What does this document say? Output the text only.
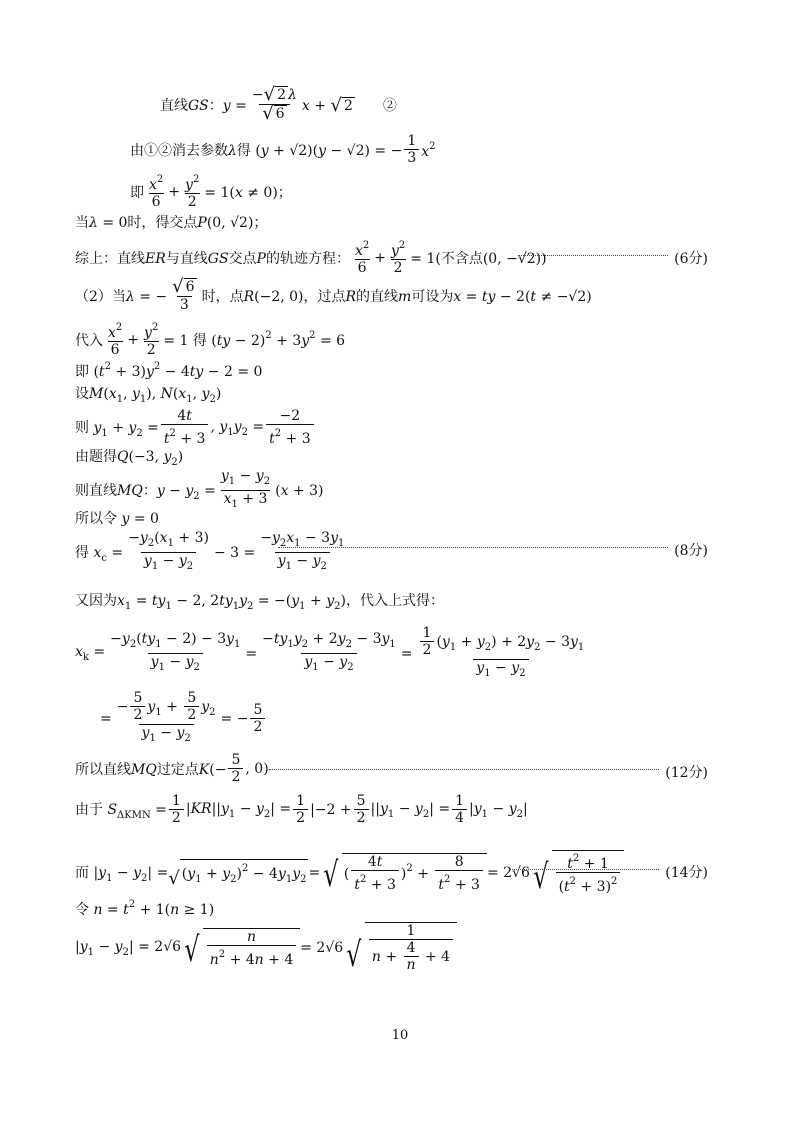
直线GS：$y = \frac{- √ 2 \lambda}{√ 6}$ x + √ 2 　　②
由①②消去参数λ得 (y + √2)(y − √2) = − $\frac{1}{3} x^2$
即 $\frac{x^2}{6} + \frac{y^2}{2} = 1(x \ne 0)$；
当λ = 0时，得交点P(0, √2)；
综上：直线ER与直线GS交点P的轨迹方程： $\frac{x^2}{6} + \frac{y^2}{2} = 1$(不含点(0, −√2))	(6分)
（2）当λ = − $\frac{√ 6}{3}$ 时，点R(−2, 0)，过点R的直线m可设为x = ty − 2(t ≠ −√2)
代入 $\frac{x^2}{6} + \frac{y^2}{2} = 1$ 得 $(ty - 2)^2 + 3y^2 = 6$
即 $(t^2 + 3)y^2 - 4ty - 2 = 0$
设$M(x_1$, $y_1$), $N(x_1$, $y_2$)
则 $y_1 + y_2 = \frac{4t}{t^2 + 3}$ , $y_1y_2 = \frac{-2}{t^2 + 3}$
由题得Q(−3, $y_2$)
则直线MQ：$y - y_2 = \frac{y_1 - y_2}{x_1 + 3} (x + 3)$
所以令 y = 0
得 $x_c = \frac{-y_2(x_1 + 3)}{y_1 - y_2} - 3 = \frac{-y_2x_1 - 3y_1}{y_1 - y_2}$	(8分)
又因为$x_1 = ty_1 - 2$, $2ty_1y_2 = -(y_1 + y_2)$，代入上式得：
$x_k = \frac{-y_2(ty_1 - 2) - 3y_1}{y_1 - y_2} = \frac{-ty_1y_2 + 2y_2 - 3y_1}{y_1 - y_2} = \frac{\frac{1}{2} (y_1 + y_2) + 2y_2 - 3y_1}{y_1 - y_2}$
= $\frac{- \frac{5}{2} y_1 + \frac{5}{2} y_2}{y_1 - y_2}$ = − $\frac{5}{2}$
所以直线MQ过定点$K(- \frac{5}{2}$ , 0)	(12分)
由于 $S_{\Delta KMN} = \frac{1}{2} |KR||y_1 - y_2| = \frac{1}{2} |-2 + \frac{5}{2} ||y_1 - y_2| = \frac{1}{4} |y_1 - y_2|$
而 $|y_1 - y_2|$ = √ $(y_1 + y_2)^2 - 4y_1y_2$ = √ ( $\frac{4t}{t^2 + 3} )^2 + \frac{8}{t^2 + 3} = 2√6$ √ $\frac{t^2 + 1}{(t^2 + 3)^2}$	(14分)
令 $n = t^2 + 1(n \ge 1)$
$|y_1 - y_2| = 2√6$ √ $\frac{n}{n^2 + 4n + 4} = 2√6$ √ $\frac{1}{n + \frac{4}{n} + 4}$
10
